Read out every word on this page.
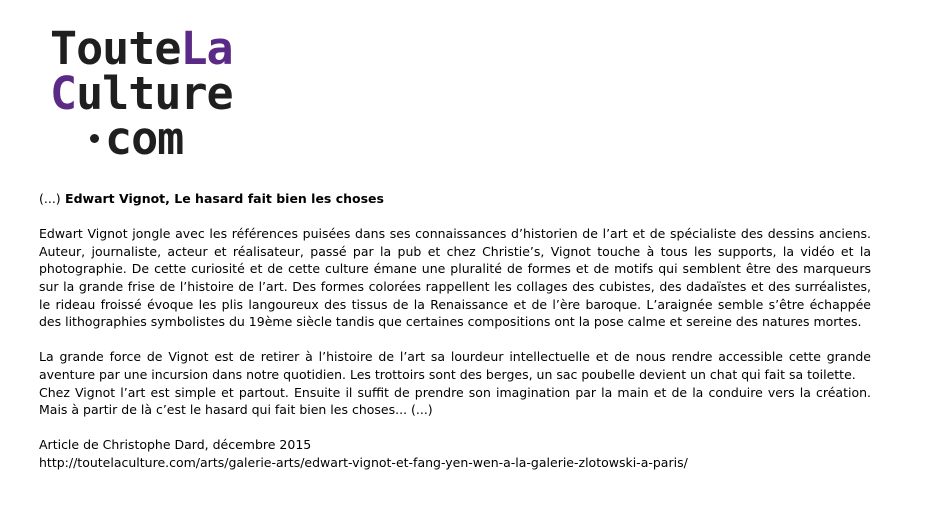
TouteLa
Culture
com

(...) Edwart Vignot, Le hasard fait bien les choses

Edwart Vignot jongle avec les références puisées dans ses connaissances d’historien de l’art et de spécialiste des dessins anciens. Auteur, journaliste, acteur et réalisateur, passé par la pub et chez Christie’s, Vignot touche à tous les supports, la vidéo et la photographie. De cette curiosité et de cette culture émane une pluralité de formes et de motifs qui semblent être des marqueurs sur la grande frise de l’histoire de l’art. Des formes colorées rappellent les collages des cubistes, des dadaïstes et des surréalistes, le rideau froissé évoque les plis langoureux des tissus de la Renaissance et de l’ère baroque. L’araignée semble s’être échappée des lithographies symbolistes du 19ème siècle tandis que certaines compositions ont la pose calme et sereine des natures mortes.

La grande force de Vignot est de retirer à l’histoire de l’art sa lourdeur intellectuelle et de nous rendre accessible cette grande aventure par une incursion dans notre quotidien. Les trottoirs sont des berges, un sac poubelle devient un chat qui fait sa toilette.
Chez Vignot l’art est simple et partout. Ensuite il suffit de prendre son imagination par la main et de la conduire vers la création. Mais à partir de là c’est le hasard qui fait bien les choses... (...)

Article de Christophe Dard, décembre 2015
http://toutelaculture.com/arts/galerie-arts/edwart-vignot-et-fang-yen-wen-a-la-galerie-zlotowski-a-paris/
